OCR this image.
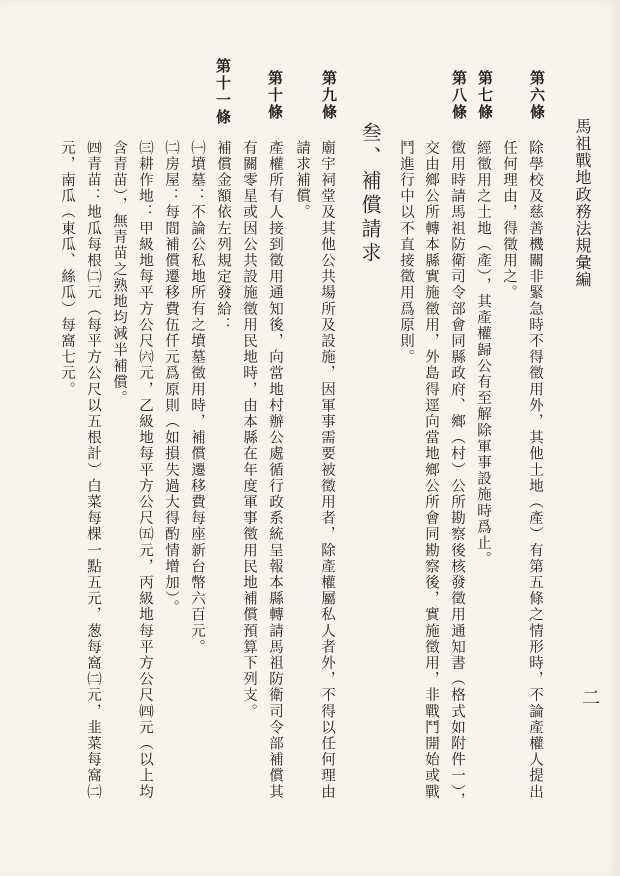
馬祖戰地政務法規彙編
二
第六條
除學校及慈善機關非緊急時不得徵用外，其他土地（產）有第五條之情形時，不論產權人提出
任何理由，得徵用之。
第七條
經徵用之土地（產），其產權歸公有至解除軍事設施時爲止。
第八條
徵用時請馬祖防衛司令部會同縣政府、鄉（村）公所勘察後核發徵用通知書（格式如附件一），
交由鄉公所轉本縣實施徵用，外島得逕向當地鄉公所會同勘察後，實施徵用，非戰鬥開始或戰
鬥進行中以不直接徵用爲原則。
叁、補償請求
第九條
廟宇祠堂及其他公共場所及設施，因軍事需要被徵用者，除產權屬私人者外，不得以任何理由
請求補償。
第十條
產權所有人接到徵用通知後，向當地村辦公處循行政系統呈報本縣轉請馬祖防衛司令部補償其
有關零星或因公共設施徵用民地時，由本縣在年度軍事徵用民地補償預算下列支。
第十一條
補償金額依左列規定發給：
㈠墳墓：不論公私地所有之墳墓徵用時，補償遷移費每座新台幣六百元。
㈡房屋：每間補償遷移費伍仟元爲原則（如損失過大得酌情增加）。
㈢耕作地：甲級地每平方公尺㈥元，乙級地每平方公尺㈤元，丙級地每平方公尺㈣元（以上均
含青苗），無青苗之熟地均減半補償。
㈣青苗：地瓜每根㈡元（每平方公尺以五根計）白菜每棵一點五元，葱每窩㈡元，韭菜每窩㈡
元，南瓜（東瓜、絲瓜）每窩七元。
